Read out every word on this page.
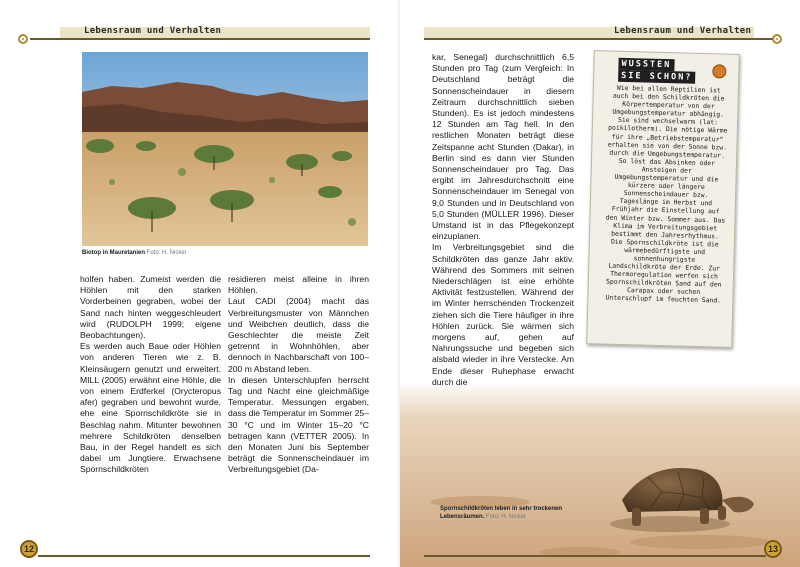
Lebensraum und Verhalten
Biotop in Mauretanien Foto: H. Nickel

holfen haben. Zumeist werden die Höhlen mit den starken Vorderbeinen gegraben, wobei der Sand nach hinten weggeschleudert wird (RUDOLPH 1999; eigene Beobachtungen).

Es werden auch Baue oder Höhlen von anderen Tieren wie z. B. Kleinsäugern genutzt und erweitert. MILL (2005) erwähnt eine Höhle, die von einem Erdferkel (Orycteropus afer) gegraben und bewohnt wurde, ehe eine Spornschildkröte sie in Beschlag nahm. Mitunter bewohnen mehrere Schildkröten denselben Bau, in der Regel handelt es sich dabei um Jungtiere. Erwachsene Spornschildkröten

residieren meist alleine in ihren Höhlen.

Laut CADI (2004) macht das Verbreitungsmuster von Männchen und Weibchen deutlich, dass die Geschlechter die meiste Zeit getrennt in Wohnhöhlen, aber dennoch in Nachbarschaft von 100–200 m Abstand leben.

In diesen Unterschlupfen herrscht Tag und Nacht eine gleichmäßige Temperatur. Messungen ergaben, dass die Temperatur im Sommer 25–30 °C und im Winter 15–20 °C betragen kann (VETTER 2005). In den Monaten Juni bis September beträgt die Sonnenscheindauer im Verbreitungsgebiet (Da-

12
Lebensraum und Verhalten

kar, Senegal) durchschnittlich 6,5 Stunden pro Tag (zum Vergleich: In Deutschland beträgt die Sonnenscheindauer in diesem Zeitraum durchschnittlich sieben Stunden). Es ist jedoch mindestens 12 Stunden am Tag hell. In den restlichen Monaten beträgt diese Zeitspanne acht Stunden (Dakar), in Berlin sind es dann vier Stunden Sonnenscheindauer pro Tag. Das ergibt im Jahresdurchschnitt eine Sonnenscheindauer im Senegal von 9,0 Stunden und in Deutschland von 5,0 Stunden (MÜLLER 1996). Dieser Umstand ist in das Pflegekonzept einzuplanen.

Im Verbreitungsgebiet sind die Schildkröten das ganze Jahr aktiv. Während des Sommers mit seinen Niederschlägen ist eine erhöhte Aktivität festzustellen. Während der im Winter herrschenden Trockenzeit ziehen sich die Tiere häufiger in ihre Höhlen zurück. Sie wärmen sich morgens auf, gehen auf Nahrungssuche und begeben sich alsbald wieder in ihre Verstecke. Am Ende dieser Ruhephase erwacht durch die

Spornschildkröten leben in sehr trockenen
Lebensräumen. Foto: H. Nickel
13
WUSSTEN
SIE SCHON?
Wie bei allen Reptilien ist auch bei den Schildkröten die Körpertemperatur von der Umgebungstemperatur abhängig. Sie sind wechselwarm (lat: poikilotherm). Die nötige Wärme für ihre „Betriebstemperatur“ erhalten sie von der Sonne bzw. durch die Umgebungstemperatur. So löst das Absinken oder Ansteigen der Umgebungstemperatur und die kürzere oder längere Sonnenscheindauer bzw. Tageslänge im Herbst und Frühjahr die Einstellung auf den Winter bzw. Sommer aus. Das Klima im Verbreitungsgebiet bestimmt den Jahresrhythmus. Die Spornschildkröte ist die wärmebedürftigste und sonnenhungrigste Landschildkröte der Erde. Zur Thermoregulation werfen sich Spornschildkröten Sand auf den Carapax oder suchen Unterschlupf im feuchten Sand.
